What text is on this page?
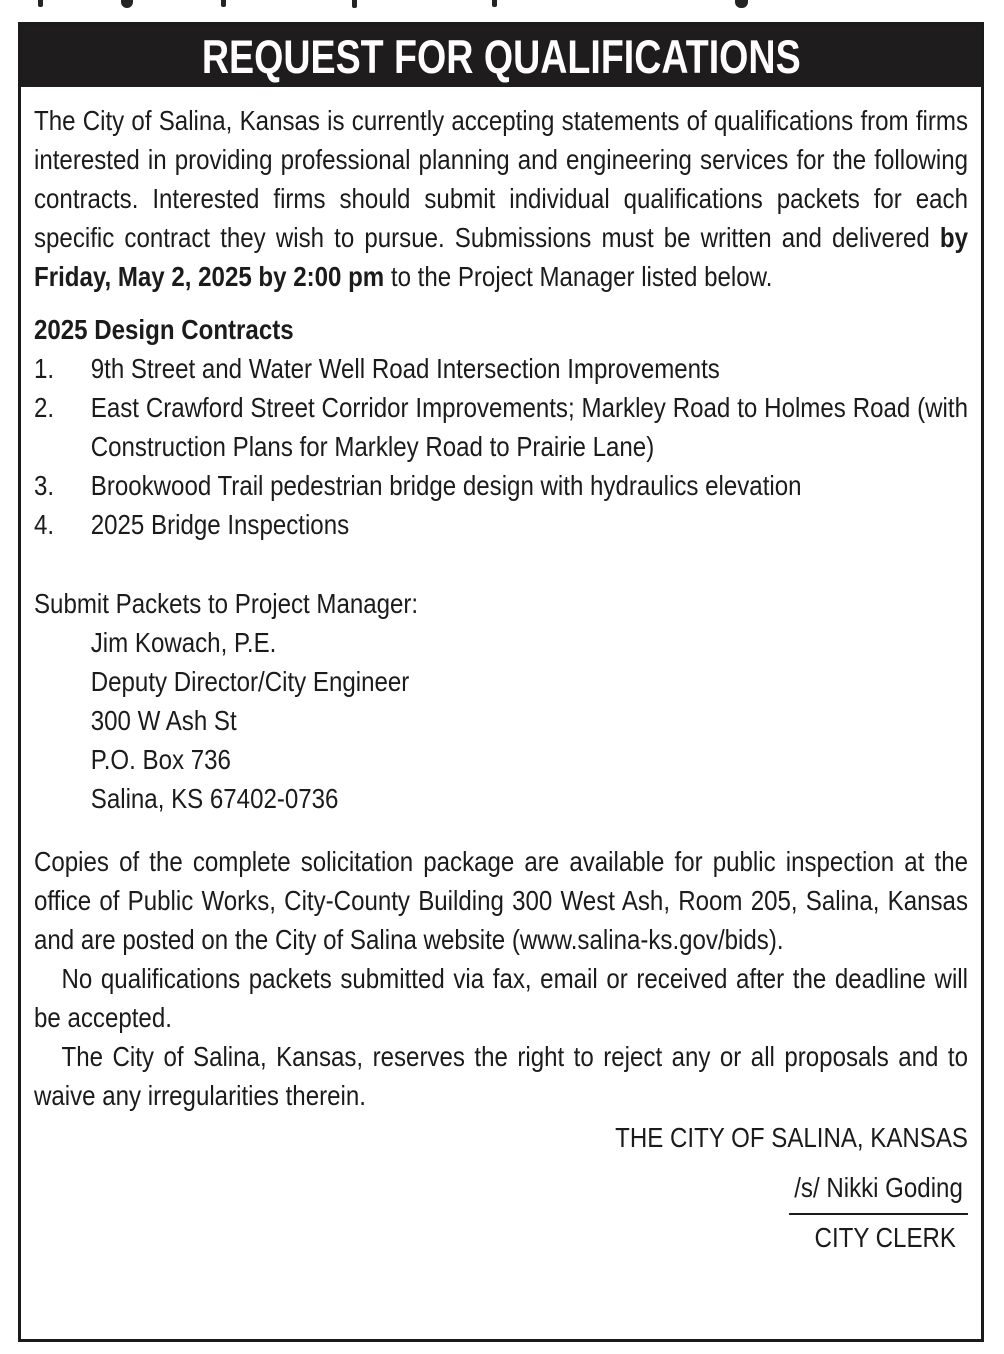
REQUEST FOR QUALIFICATIONS

The City of Salina, Kansas is currently accepting statements of qualifications from firms interested in providing professional planning and engineering services for the following contracts. Interested firms should submit individual qualifications packets for each specific contract they wish to pursue. Submissions must be written and delivered by Friday, May 2, 2025 by 2:00 pm to the Project Manager listed below.

2025 Design Contracts
1.	9th Street and Water Well Road Intersection Improvements
2.	East Crawford Street Corridor Improvements; Markley Road to Holmes Road (with Construction Plans for Markley Road to Prairie Lane)
3.	Brookwood Trail pedestrian bridge design with hydraulics elevation
4.	2025 Bridge Inspections

Submit Packets to Project Manager:

Jim Kowach, P.E.
Deputy Director/City Engineer
300 W Ash St
P.O. Box 736
Salina, KS 67402-0736

Copies of the complete solicitation package are available for public inspection at the office of Public Works, City-County Building 300 West Ash, Room 205, Salina, Kansas and are posted on the City of Salina website (www.salina-ks.gov/bids).

No qualifications packets submitted via fax, email or received after the deadline will be accepted.

The City of Salina, Kansas, reserves the right to reject any or all proposals and to waive any irregularities therein.

THE CITY OF SALINA, KANSAS

/s/ Nikki Goding

CITY CLERK
